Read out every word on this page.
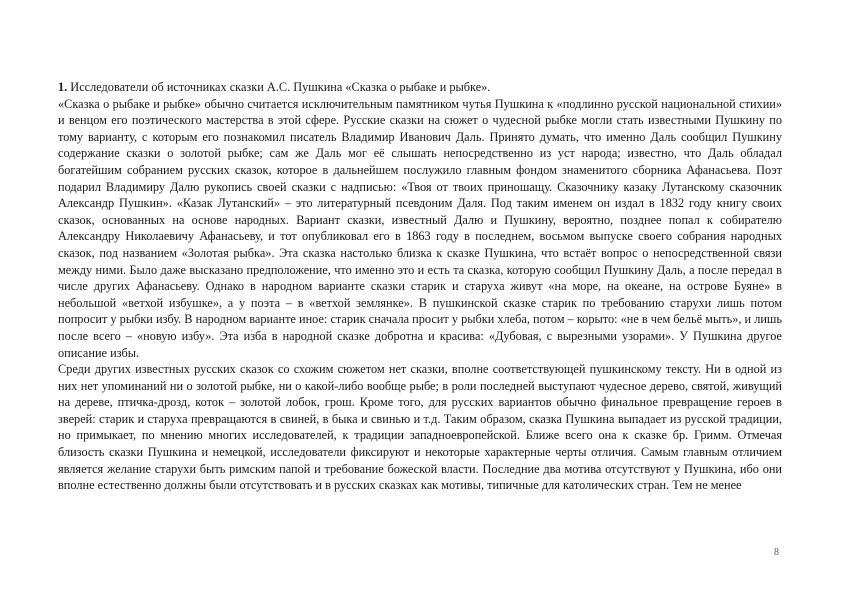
1. Исследователи об источниках сказки А.С. Пушкина «Сказка о рыбаке и рыбке».

«Сказка о рыбаке и рыбке» обычно считается исключительным памятником чутья Пушкина к «подлинно русской национальной стихии» и венцом его поэтического мастерства в этой сфере. Русские сказки на сюжет о чудесной рыбке могли стать известными Пушкину по тому варианту, с которым его познакомил писатель Владимир Иванович Даль. Принято думать, что именно Даль сообщил Пушкину содержание сказки о золотой рыбке; сам же Даль мог её слышать непосредственно из уст народа; известно, что Даль обладал богатейшим собранием русских сказок, которое в дальнейшем послужило главным фондом знаменитого сборника Афанасьева. Поэт подарил Владимиру Далю рукопись своей сказки с надписью: «Твоя от твоих приношащу. Сказочнику казаку Лутанскому сказочник Александр Пушкин». «Казак Лутанский» – это литературный псевдоним Даля. Под таким именем он издал в 1832 году книгу своих сказок, основанных на основе народных. Вариант сказки, известный Далю и Пушкину, вероятно, позднее попал к собирателю Александру Николаевичу Афанасьеву, и тот опубликовал его в 1863 году в последнем, восьмом выпуске своего собрания народных сказок, под названием «Золотая рыбка». Эта сказка настолько близка к сказке Пушкина, что встаёт вопрос о непосредственной связи между ними. Было даже высказано предположение, что именно это и есть та сказка, которую сообщил Пушкину Даль, а после передал в числе других Афанасьеву. Однако в народном варианте сказки старик и старуха живут «на море, на океане, на острове Буяне» в небольшой «ветхой избушке», а у поэта – в «ветхой землянке». В пушкинской сказке старик по требованию старухи лишь потом попросит у рыбки избу. В народном варианте иное: старик сначала просит у рыбки хлеба, потом – корыто: «не в чем бельё мыть», и лишь после всего – «новую избу». Эта изба в народной сказке добротна и красива: «Дубовая, с вырезными узорами». У Пушкина другое описание избы.

Среди других известных русских сказок со схожим сюжетом нет сказки, вполне соответствующей пушкинскому тексту. Ни в одной из них нет упоминаний ни о золотой рыбке, ни о какой-либо вообще рыбе; в роли последней выступают чудесное дерево, святой, живущий на дереве, птичка-дрозд, коток – золотой лобок, грош. Кроме того, для русских вариантов обычно финальное превращение героев в зверей: старик и старуха превращаются в свиней, в быка и свинью и т.д. Таким образом, сказка Пушкина выпадает из русской традиции, но примыкает, по мнению многих исследователей, к традиции западноевропейской. Ближе всего она к сказке бр. Гримм. Отмечая близость сказки Пушкина и немецкой, исследователи фиксируют и некоторые характерные черты отличия. Самым главным отличием является желание старухи быть римским папой и требование божеской власти. Последние два мотива отсутствуют у Пушкина, ибо они вполне естественно должны были отсутствовать и в русских сказках как мотивы, типичные для католических стран. Тем не менее

8
